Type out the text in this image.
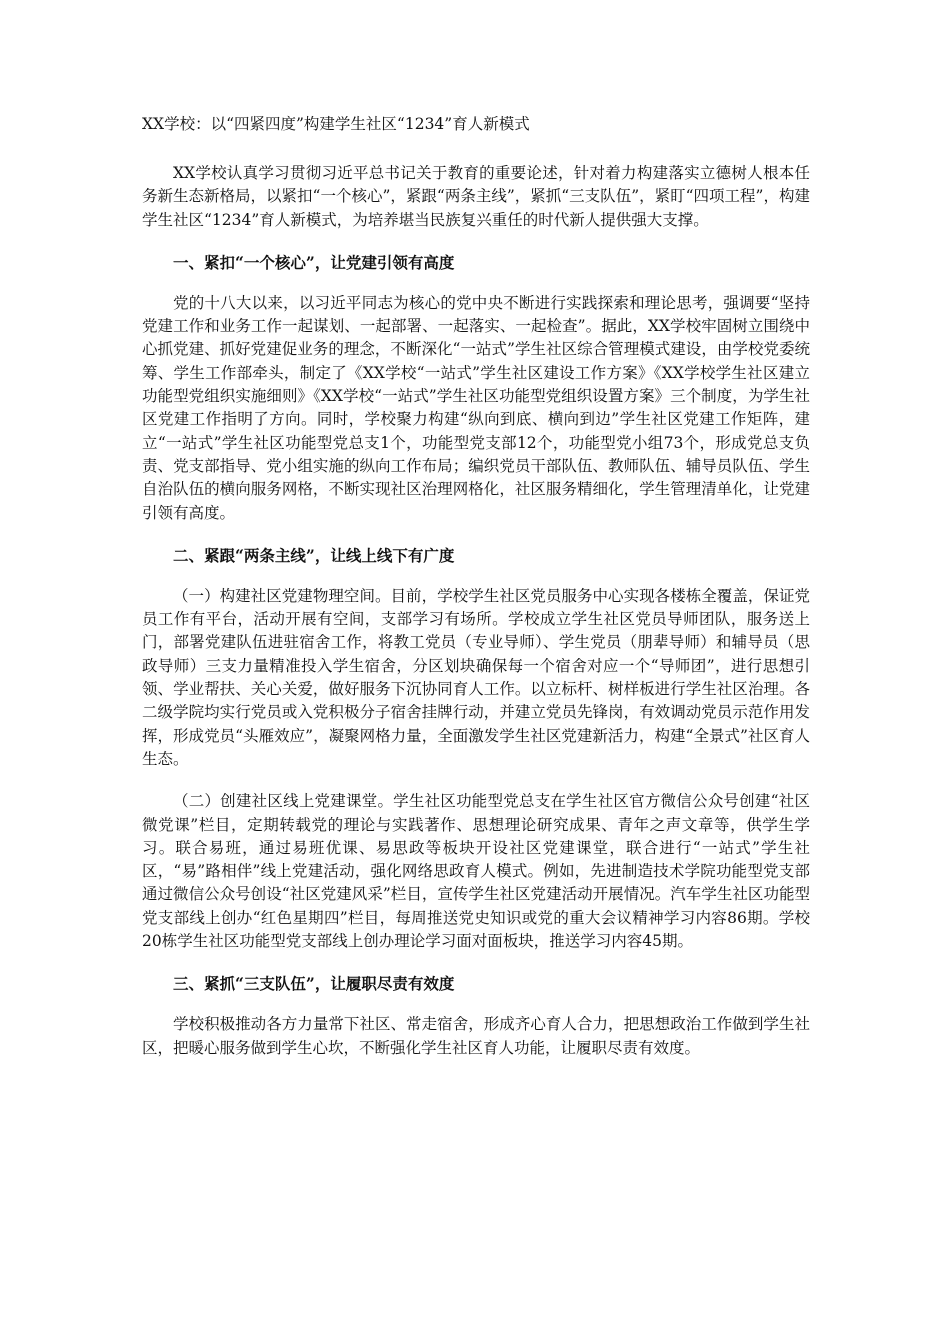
XX学校：以“四紧四度”构建学生社区“1234”育人新模式

XX学校认真学习贯彻习近平总书记关于教育的重要论述，针对着力构建落实立德树人根本任务新生态新格局，以紧扣“一个核心”，紧跟“两条主线”，紧抓“三支队伍”，紧盯“四项工程”，构建学生社区“1234”育人新模式，为培养堪当民族复兴重任的时代新人提供强大支撑。

一、紧扣“一个核心”，让党建引领有高度

党的十八大以来，以习近平同志为核心的党中央不断进行实践探索和理论思考，强调要“坚持党建工作和业务工作一起谋划、一起部署、一起落实、一起检查”。据此，XX学校牢固树立围绕中心抓党建、抓好党建促业务的理念，不断深化“一站式”学生社区综合管理模式建设，由学校党委统筹、学生工作部牵头，制定了《XX学校“一站式”学生社区建设工作方案》《XX学校学生社区建立功能型党组织实施细则》《XX学校“一站式”学生社区功能型党组织设置方案》三个制度，为学生社区党建工作指明了方向。同时，学校聚力构建“纵向到底、横向到边”学生社区党建工作矩阵，建立“一站式”学生社区功能型党总支1个，功能型党支部12个，功能型党小组73个，形成党总支负责、党支部指导、党小组实施的纵向工作布局；编织党员干部队伍、教师队伍、辅导员队伍、学生自治队伍的横向服务网格，不断实现社区治理网格化，社区服务精细化，学生管理清单化，让党建引领有高度。

二、紧跟“两条主线”，让线上线下有广度

（一）构建社区党建物理空间。目前，学校学生社区党员服务中心实现各楼栋全覆盖，保证党员工作有平台，活动开展有空间，支部学习有场所。学校成立学生社区党员导师团队，服务送上门，部署党建队伍进驻宿舍工作，将教工党员（专业导师）、学生党员（朋辈导师）和辅导员（思政导师）三支力量精准投入学生宿舍，分区划块确保每一个宿舍对应一个“导师团”，进行思想引领、学业帮扶、关心关爱，做好服务下沉协同育人工作。以立标杆、树样板进行学生社区治理。各二级学院均实行党员或入党积极分子宿舍挂牌行动，并建立党员先锋岗，有效调动党员示范作用发挥，形成党员“头雁效应”，凝聚网格力量，全面激发学生社区党建新活力，构建“全景式”社区育人生态。

（二）创建社区线上党建课堂。学生社区功能型党总支在学生社区官方微信公众号创建“社区微党课”栏目，定期转载党的理论与实践著作、思想理论研究成果、青年之声文章等，供学生学习。联合易班，通过易班优课、易思政等板块开设社区党建课堂，联合进行“一站式”学生社区，“易”路相伴”线上党建活动，强化网络思政育人模式。例如，先进制造技术学院功能型党支部通过微信公众号创设“社区党建风采”栏目，宣传学生社区党建活动开展情况。汽车学生社区功能型党支部线上创办“红色星期四”栏目，每周推送党史知识或党的重大会议精神学习内容86期。学校20栋学生社区功能型党支部线上创办理论学习面对面板块，推送学习内容45期。

三、紧抓“三支队伍”，让履职尽责有效度

学校积极推动各方力量常下社区、常走宿舍，形成齐心育人合力，把思想政治工作做到学生社区，把暖心服务做到学生心坎，不断强化学生社区育人功能，让履职尽责有效度。
